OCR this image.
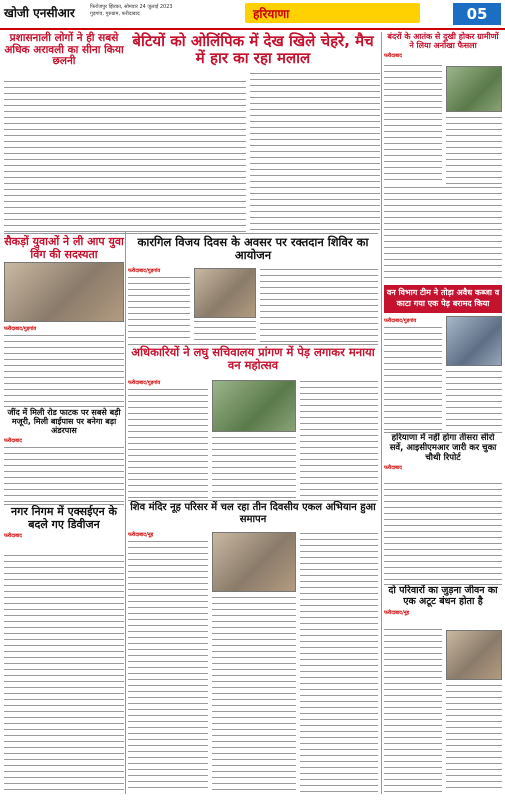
खोजी एनसीआर	फिरोजपुर झिरका, सोमवार 24 जुलाई 2023
गुड़गांव, गुरुग्राम, फरीदाबाद	हरियाणा	05
प्रशासनाली लोगों ने ही सबसे अधिक अरावली का सीना किया छलनी
बेटियों को ओलिंपिक में देख खिले चेहरे, मैच में हार का रहा मलाल
बंदरों के आतंक से दुखी होकर ग्रामीणों ने लिया अनोखा फैसला
फरीदाबाद
सैकड़ों युवाओं ने ली आप युवा विंग की सदस्यता
फरीदाबाद/गुड़गांव
कारगिल विजय दिवस के अवसर पर रक्तदान शिविर का आयोजन
फरीदाबाद/गुड़गांव
वन विभाग टीम ने तोड़ा अवैध कब्जा व काटा गया एक पेड़ बरामद किया
फरीदाबाद/गुड़गांव
जींद में मिली रोड फाटक पर सबसे बड़ी मजूरी, मिली बाईपास पर बनेगा बड़ा अंडरपास
फरीदाबाद
नगर निगम में एक्सईएन के बदले गए डिवीजन
फरीदाबाद
अधिकारियों ने लघु सचिवालय प्रांगण में पेड़ लगाकर मनाया वन महोत्सव
फरीदाबाद/गुड़गांव
हरियाणा में नहीं होगा तीसरा सीरो सर्वे, आइसीएमआर जारी कर चुका चौथी रिपोर्ट
फरीदाबाद
शिव मंदिर नूह परिसर में चल रहा तीन दिवसीय एकल अभियान हुआ समापन
फरीदाबाद/नूह
दो परिवारों का जुड़ना जीवन का एक अटूट बंधन होता है
फरीदाबाद/नूह
